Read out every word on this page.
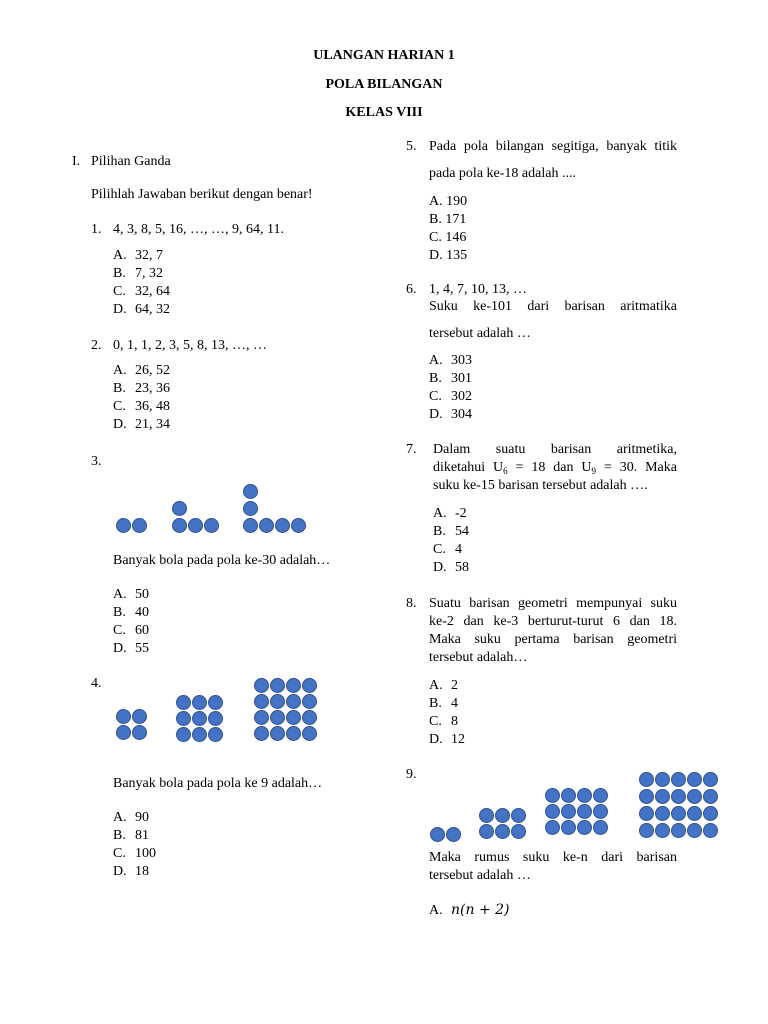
ULANGAN HARIAN 1
POLA BILANGAN
KELAS VIII
I. Pilihan Ganda
Pilihlah Jawaban berikut dengan benar!
1. 4, 3, 8, 5, 16, …, …, 9, 64, 11.
A. 32, 7
B. 7, 32
C. 32, 64
D. 64, 32
2. 0, 1, 1, 2, 3, 5, 8, 13, …, …
A. 26, 52
B. 23, 36
C. 36, 48
D. 21, 34
3.
Banyak bola pada pola ke-30 adalah…
A. 50
B. 40
C. 60
D. 55
4.
Banyak bola pada pola ke 9 adalah…
A. 90
B. 81
C. 100
D. 18
5. Pada pola bilangan segitiga, banyak titik
pada pola ke-18 adalah ....
A. 190
B. 171
C. 146
D. 135
6. 1, 4, 7, 10, 13, …
Suku ke-101 dari barisan aritmatika
tersebut adalah …
A. 303
B. 301
C. 302
D. 304
7. Dalam suatu barisan aritmetika,
diketahui $U_6 = 18$ dan $U_9 = 30$. Maka
suku ke-15 barisan tersebut adalah ….
A. -2
B. 54
C. 4
D. 58
8. Suatu barisan geometri mempunyai suku
ke-2 dan ke-3 berturut-turut 6 dan 18.
Maka suku pertama barisan geometri
tersebut adalah…
A. 2
B. 4
C. 8
D. 12
9.
Maka rumus suku ke-n dari barisan
tersebut adalah …
A. n(n + 2)
